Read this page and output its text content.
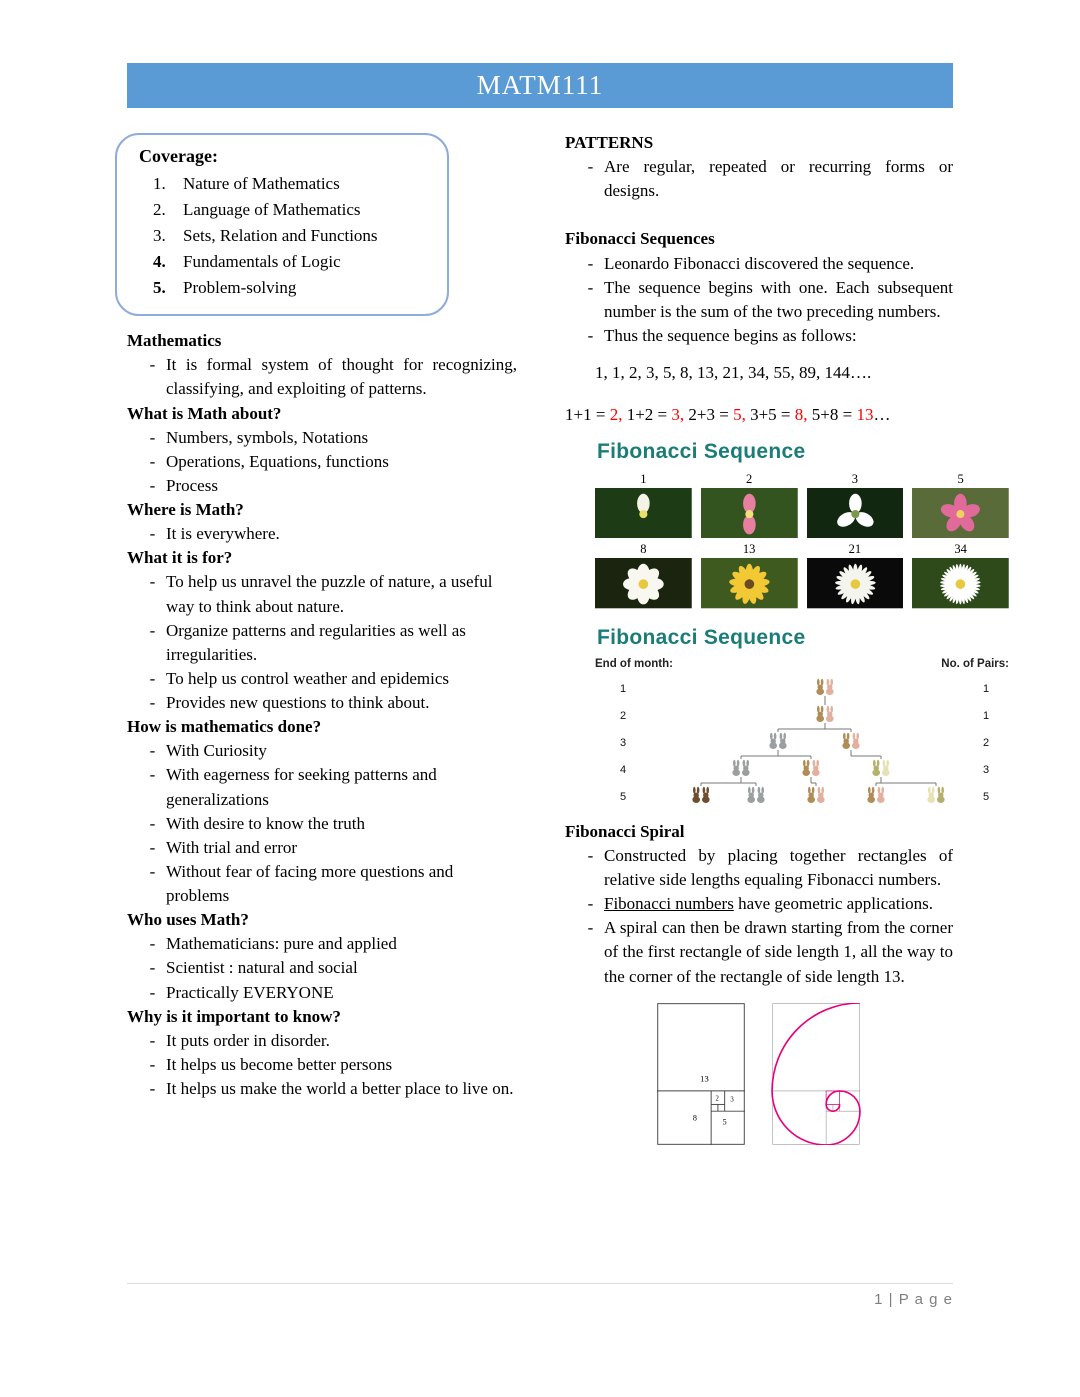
MATM111
Coverage:
1.	Nature of Mathematics
2.	Language of Mathematics
3.	Sets, Relation and Functions
4.	Fundamentals of Logic
5.	Problem-solving
Mathematics
- It is formal system of thought for recognizing, classifying, and exploiting of patterns.
What is Math about?
- Numbers, symbols, Notations
- Operations, Equations, functions
- Process
Where is Math?
- It is everywhere.
What it is for?
- To help us unravel the puzzle of nature, a useful way to think about nature.
- Organize patterns and regularities as well as irregularities.
- To help us control weather and epidemics
- Provides new questions to think about.
How is mathematics done?
- With Curiosity
- With eagerness for seeking patterns and generalizations
- With desire to know the truth
- With trial and error
- Without fear of facing more questions and problems
Who uses Math?
- Mathematicians: pure and applied
- Scientist : natural and social
- Practically EVERYONE
Why is it important to know?
- It puts order in disorder.
- It helps us become better persons
- It helps us make the world a better place to live on.
PATTERNS
- Are regular, repeated or recurring forms or designs.
Fibonacci Sequences
- Leonardo Fibonacci discovered the sequence.
- The sequence begins with one. Each subsequent number is the sum of the two preceding numbers.
- Thus the sequence begins as follows:
1, 1, 2, 3, 5, 8, 13, 21, 34, 55, 89, 144….
1+1 = 2, 1+2 = 3, 2+3 = 5, 3+5 = 8, 5+8 = 13…
Fibonacci Sequence
1	2	3	5
8	13	21	34
Fibonacci Sequence
End of month:	No. of Pairs:
1	1
2	1
3	2
4	3
5	5
Fibonacci Spiral
- Constructed by placing together rectangles of relative side lengths equaling Fibonacci numbers.
- Fibonacci numbers have geometric applications.
- A spiral can then be drawn starting from the corner of the first rectangle of side length 1, all the way to the corner of the rectangle of side length 13.
13
2 3
8 5
1 | P a g e
